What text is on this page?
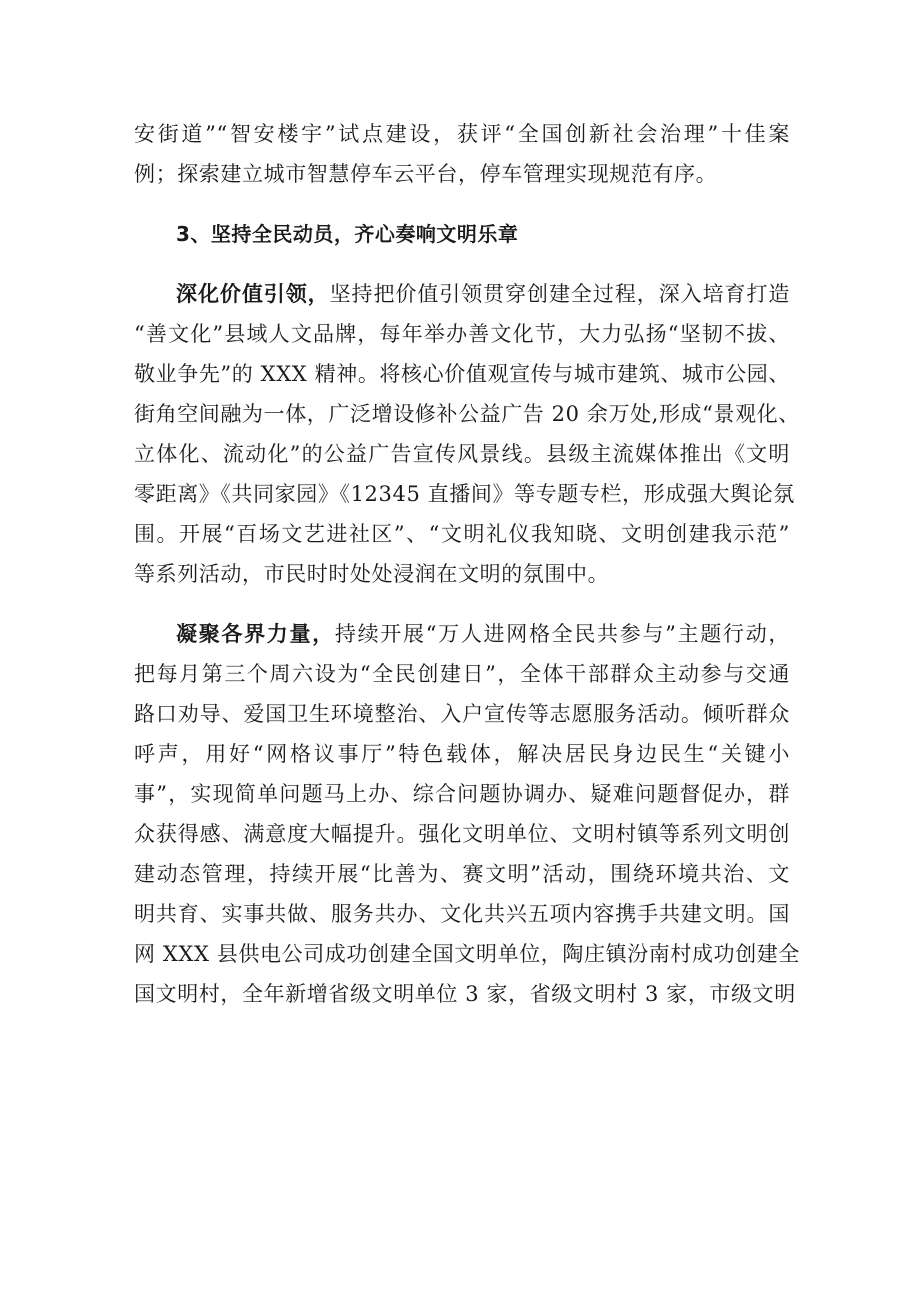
安街道”“智安楼宇”试点建设，获评“全国创新社会治理”十佳案
例；探索建立城市智慧停车云平台，停车管理实现规范有序。
3、坚持全民动员，齐心奏响文明乐章
深化价值引领，坚持把价值引领贯穿创建全过程，深入培育打造
“善文化”县域人文品牌，每年举办善文化节，大力弘扬“坚韧不拔、
敬业争先”的 XXX 精神。将核心价值观宣传与城市建筑、城市公园、
街角空间融为一体，广泛增设修补公益广告 20 余万处,形成“景观化、
立体化、流动化”的公益广告宣传风景线。县级主流媒体推出《文明
零距离》《共同家园》《12345 直播间》等专题专栏，形成强大舆论氛
围。开展“百场文艺进社区”、“文明礼仪我知晓、文明创建我示范”
等系列活动，市民时时处处浸润在文明的氛围中。
凝聚各界力量，持续开展“万人进网格全民共参与”主题行动，
把每月第三个周六设为“全民创建日”，全体干部群众主动参与交通
路口劝导、爱国卫生环境整治、入户宣传等志愿服务活动。倾听群众
呼声，用好“网格议事厅”特色载体，解决居民身边民生“关键小
事”，实现简单问题马上办、综合问题协调办、疑难问题督促办，群
众获得感、满意度大幅提升。强化文明单位、文明村镇等系列文明创
建动态管理，持续开展“比善为、赛文明”活动，围绕环境共治、文
明共育、实事共做、服务共办、文化共兴五项内容携手共建文明。国
网 XXX 县供电公司成功创建全国文明单位，陶庄镇汾南村成功创建全
国文明村，全年新增省级文明单位 3 家，省级文明村 3 家，市级文明
